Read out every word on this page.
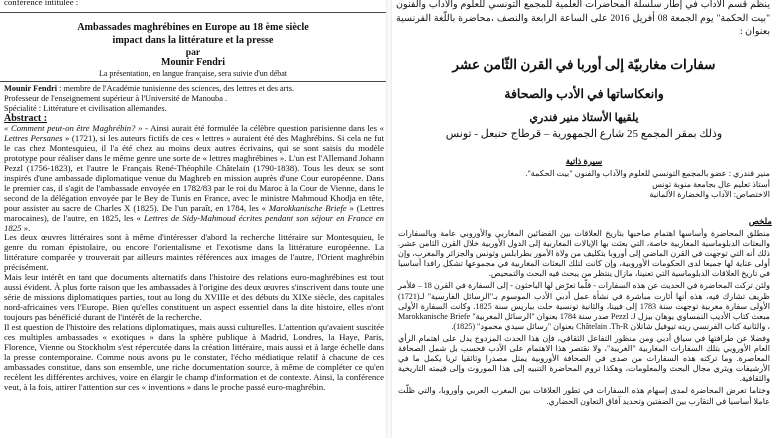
conférence intitulée :
Ambassades maghrébines en Europe au 18 ème siècle
impact dans la littérature et la presse
par
Mounir Fendri
La présentation, en langue française, sera suivie d'un débat
Mounir Fendri : membre de l'Académie tunisienne des sciences, des lettres et des arts.
Professeur de l'enseignement supérieur à l'Université de Manouba .
Spécialité : Littérature et civilisation allemandes.
Abstract :

« Comment peut-on être Maghrébin? » - Ainsi aurait été formulée la célèbre question parisienne dans les « Lettres Persanes » (1721), si les auteurs fictifs de ces « lettres » auraient été des Maghrébins. Si cela ne fut le cas chez Montesquieu, il l'a été chez au moins deux autres écrivains, qui se sont saisis du modèle prototype pour réaliser dans le même genre une sorte de « lettres maghrébines ». L'un est l'Allemand Johann Pezzl (1756-1823), et l'autre le Français René-Théophile Châtelain (1790-1838). Tous les deux se sont inspirés d'une ambassade diplomatique venue du Maghreb en mission auprès d'une Cour européenne. Dans le premier cas, il s'agit de l'ambassade envoyée en 1782/83 par le roi du Maroc à la Cour de Vienne, dans le second de la délégation envoyée par le Bey de Tunis en France, avec le ministre Mahmoud Khodja en tête, pour assister au sacre de Charles X (1825). De l'un paraît, en 1784, les « Marokkanische Briefe » (Lettres marocaines), de l'autre, en 1825, les « Lettres de Sidy-Mahmoud écrites pendant son séjour en France en 1825 ».

Les deux œuvres littéraires sont à même d'intéresser d'abord la recherche littéraire sur Montesquieu, le genre du roman épistolaire, ou encore l'orientalisme et l'exotisme dans la littérature européenne. La littérature comparée y trouverait par ailleurs maintes références aux images de l'autre, l'Orient maghrébin précisément.

Mais leur intérêt en tant que documents alternatifs dans l'histoire des relations euro-maghrébines est tout aussi évident. À plus forte raison que les ambassades à l'origine des deux œuvres s'inscrivent dans toute une série de missions diplomatiques parties, tout au long du XVIIIe et des débuts du XIXe siècle, des capitales nord-africaines vers l'Europe. Bien qu'elles constituent un aspect essentiel dans la dite histoire, elles n'ont toujours pas bénéficié durant de l'intérêt de la recherche.

Il est question de l'histoire des relations diplomatiques, mais aussi culturelles. L'attention qu'avaient suscitée ces multiples ambassades « exotiques » dans la sphère publique à Madrid, Londres, la Haye, Paris, Florence, Vienne ou Stockholm s'est répercutée dans la création littéraire, mais aussi et à large échelle dans la presse contemporaine. Comme nous avons pu le constater, l'écho médiatique relatif à chacune de ces ambassades constitue, dans son ensemble, une riche documentation source, à même de compléter ce qu'en recèlent les différentes archives, voire en élargir le champ d'information et de contexte. Ainsi, la conférence veut, à la fois, attirer l'attention sur ces « inventions » dans le proche passé euro-maghrébin.

ينظّم قسم الآداب في إطار سلسلة المحاضرات العلمية للمجمع التونسي للعلوم والآداب والفنون "بيت الحكمة" يوم الجمعة 08 أفريل 2016 على الساعة الرابعة والنصف ،محاضرة باللّغة الفرنسية بعنوان :
سفارات مغاربيّة إلى أوربا في القرن الثّامن عشر
وانعكاساتها في الأدب والصحافة
يلقيها الأستاذ منير فندري
وذلك بمقر المجمع 25 شارع الجمهورية – قرطاج حنبعل - تونس
سيرة ذاتية
منير فندري : عضو بالمجمع التونسي للعلوم والآداب والفنون "بيت الحكمة".
أستاذ تعليم عال بجامعة منوبة تونس
الاختصاص: الآداب والحضارة الألمانية
ملخص

منطلق المحاضرة وأساسها اهتمام صاحبها بتاريخ العلاقات بين الفضائين المغاربي والأوروبي عامة وبالسفارات والبعثات الدبلوماسية المغاربية خاصة، التي بعثت بها الإيالات المغاربية إلى الدول الأوربية خلال القرن الثامن عشر. ذلك أنه التي توجهت في القرن الماضي إلى أوروبا بتكليف من ولاة الأمور بطرابلس وتونس والجزائر والمغرب، وإن أولى عناية لها جميعا لدى الحكومات الأوروبية، وإن كانت لتلك البعثات المغاربية في مجموعها تشكل رافدا أساسيا في تاريخ العلاقات الدبلوماسية التي تعنينا، مازال ينتظر من يبحث فيه البحث والتمحيص.

ولئن تركت المحاضرة في الحديث عن هذه السفارات - قلّما تعرّض لها الباحثون - إلى السفارة في القرن 18 – فلأمر ظريف تشارك فيه، هذه أنها أثارت مباشرة في نشأة عمل أدبي الأدب الموسوم بـ"الرسائل الفارسية" لـ(1721) الأولى سفارة مغربية توجهت سنة 1783 إلى فيينا، والثانية تونسية حلت بباريس سنة 1825. وكانت السفارة الأولى مبعث كتاب الأديب النمساوي يوهان بيزل Pezzl .J صدر سنة 1784 بعنوان "الرسائل المغربية" Marokkanische Briefe ، والثانية كتاب الفرنسي رينه تيوفيل شاتلان Châtelain .Th-R بعنوان "رسائل سيدي محمود" (1825).

وفضلا عن طرافتها في سياق أدبي ومن منظور التفاعل الثقافي، فإن هذا الحدث المزدوج يدل على اهتمام الرأي العام الأوروبي بتلك السفارات المغاربية "الغريبة"، ولا نقتصر هذا الاهتمام على الأدب فحسب بل شمل الصحافة المعاصرة. وما تركته هذه السفارات من صدى في الصحافة الأوروبية يمثل مصدرا وثائقيا ثريا يكمل ما في الأرشيفات ويثري مجال البحث والمعلومات، وهكذا تروم المحاضرة التنبيه إلى هذا الموروث وإلى قيمته التاريخية والثقافية.

وختاما تعرض المحاضرة لمدى إسهام هذه السفارات في تطور العلاقات بين المغرب العربي وأوروبا، والتي ظلّت عاملا أساسيا في التقارب بين الضفتين وتحديد آفاق التعاون الحضاري.
